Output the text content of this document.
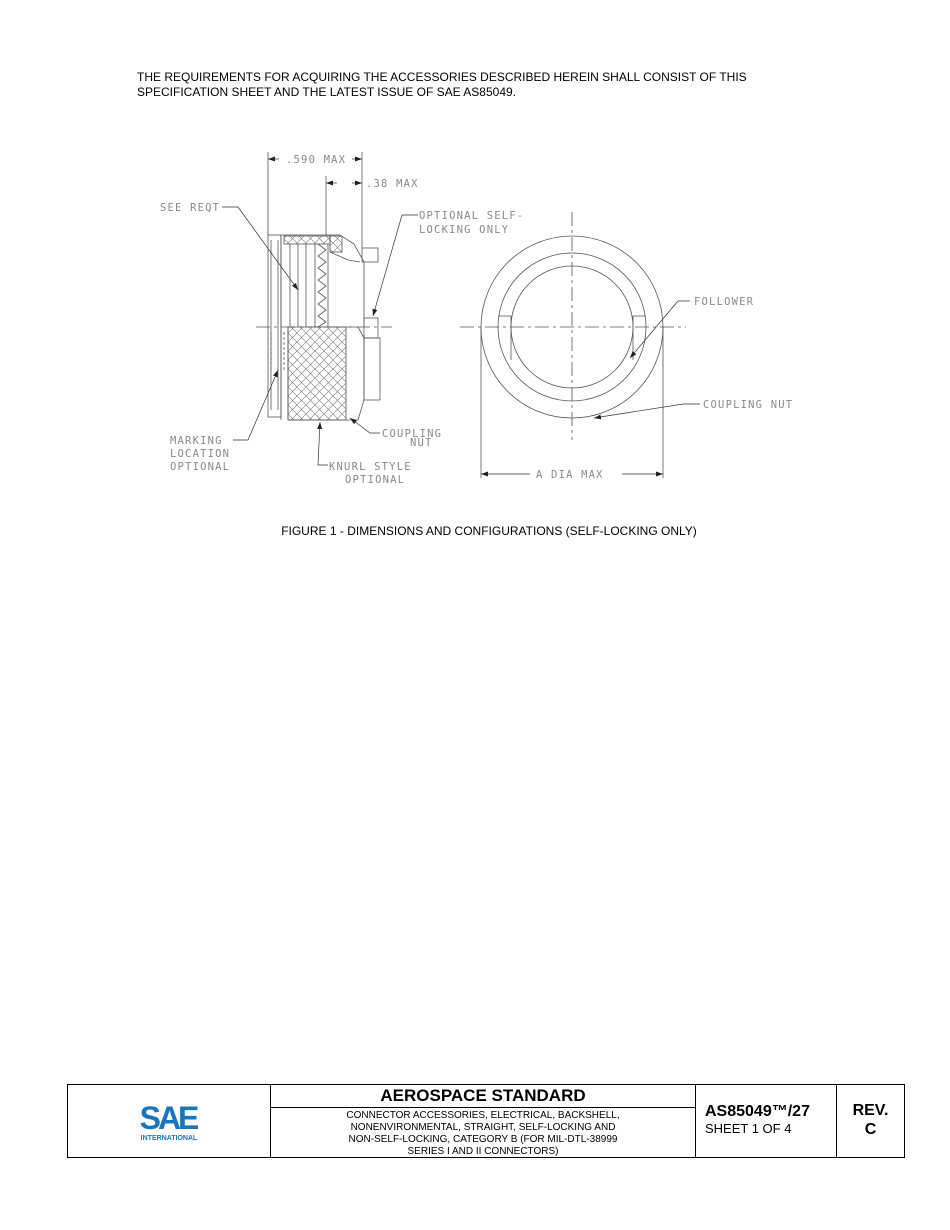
THE REQUIREMENTS FOR ACQUIRING THE ACCESSORIES DESCRIBED HEREIN SHALL CONSIST OF THIS
SPECIFICATION SHEET AND THE LATEST ISSUE OF SAE AS85049.
.590 MAX
.38 MAX
SEE REQT
OPTIONAL SELF-
LOCKING ONLY
FOLLOWER
COUPLING NUT
MARKING
LOCATION
OPTIONAL
COUPLING
NUT
KNURL STYLE
OPTIONAL	A DIA MAX
FIGURE 1 - DIMENSIONS AND CONFIGURATIONS (SELF-LOCKING ONLY)
SAE
INTERNATIONAL
AEROSPACE STANDARD
CONNECTOR ACCESSORIES, ELECTRICAL, BACKSHELL,
NONENVIRONMENTAL, STRAIGHT, SELF-LOCKING AND
NON-SELF-LOCKING, CATEGORY B (FOR MIL-DTL-38999
SERIES I AND II CONNECTORS)
AS85049™/27
SHEET 1 OF 4
REV.
C
